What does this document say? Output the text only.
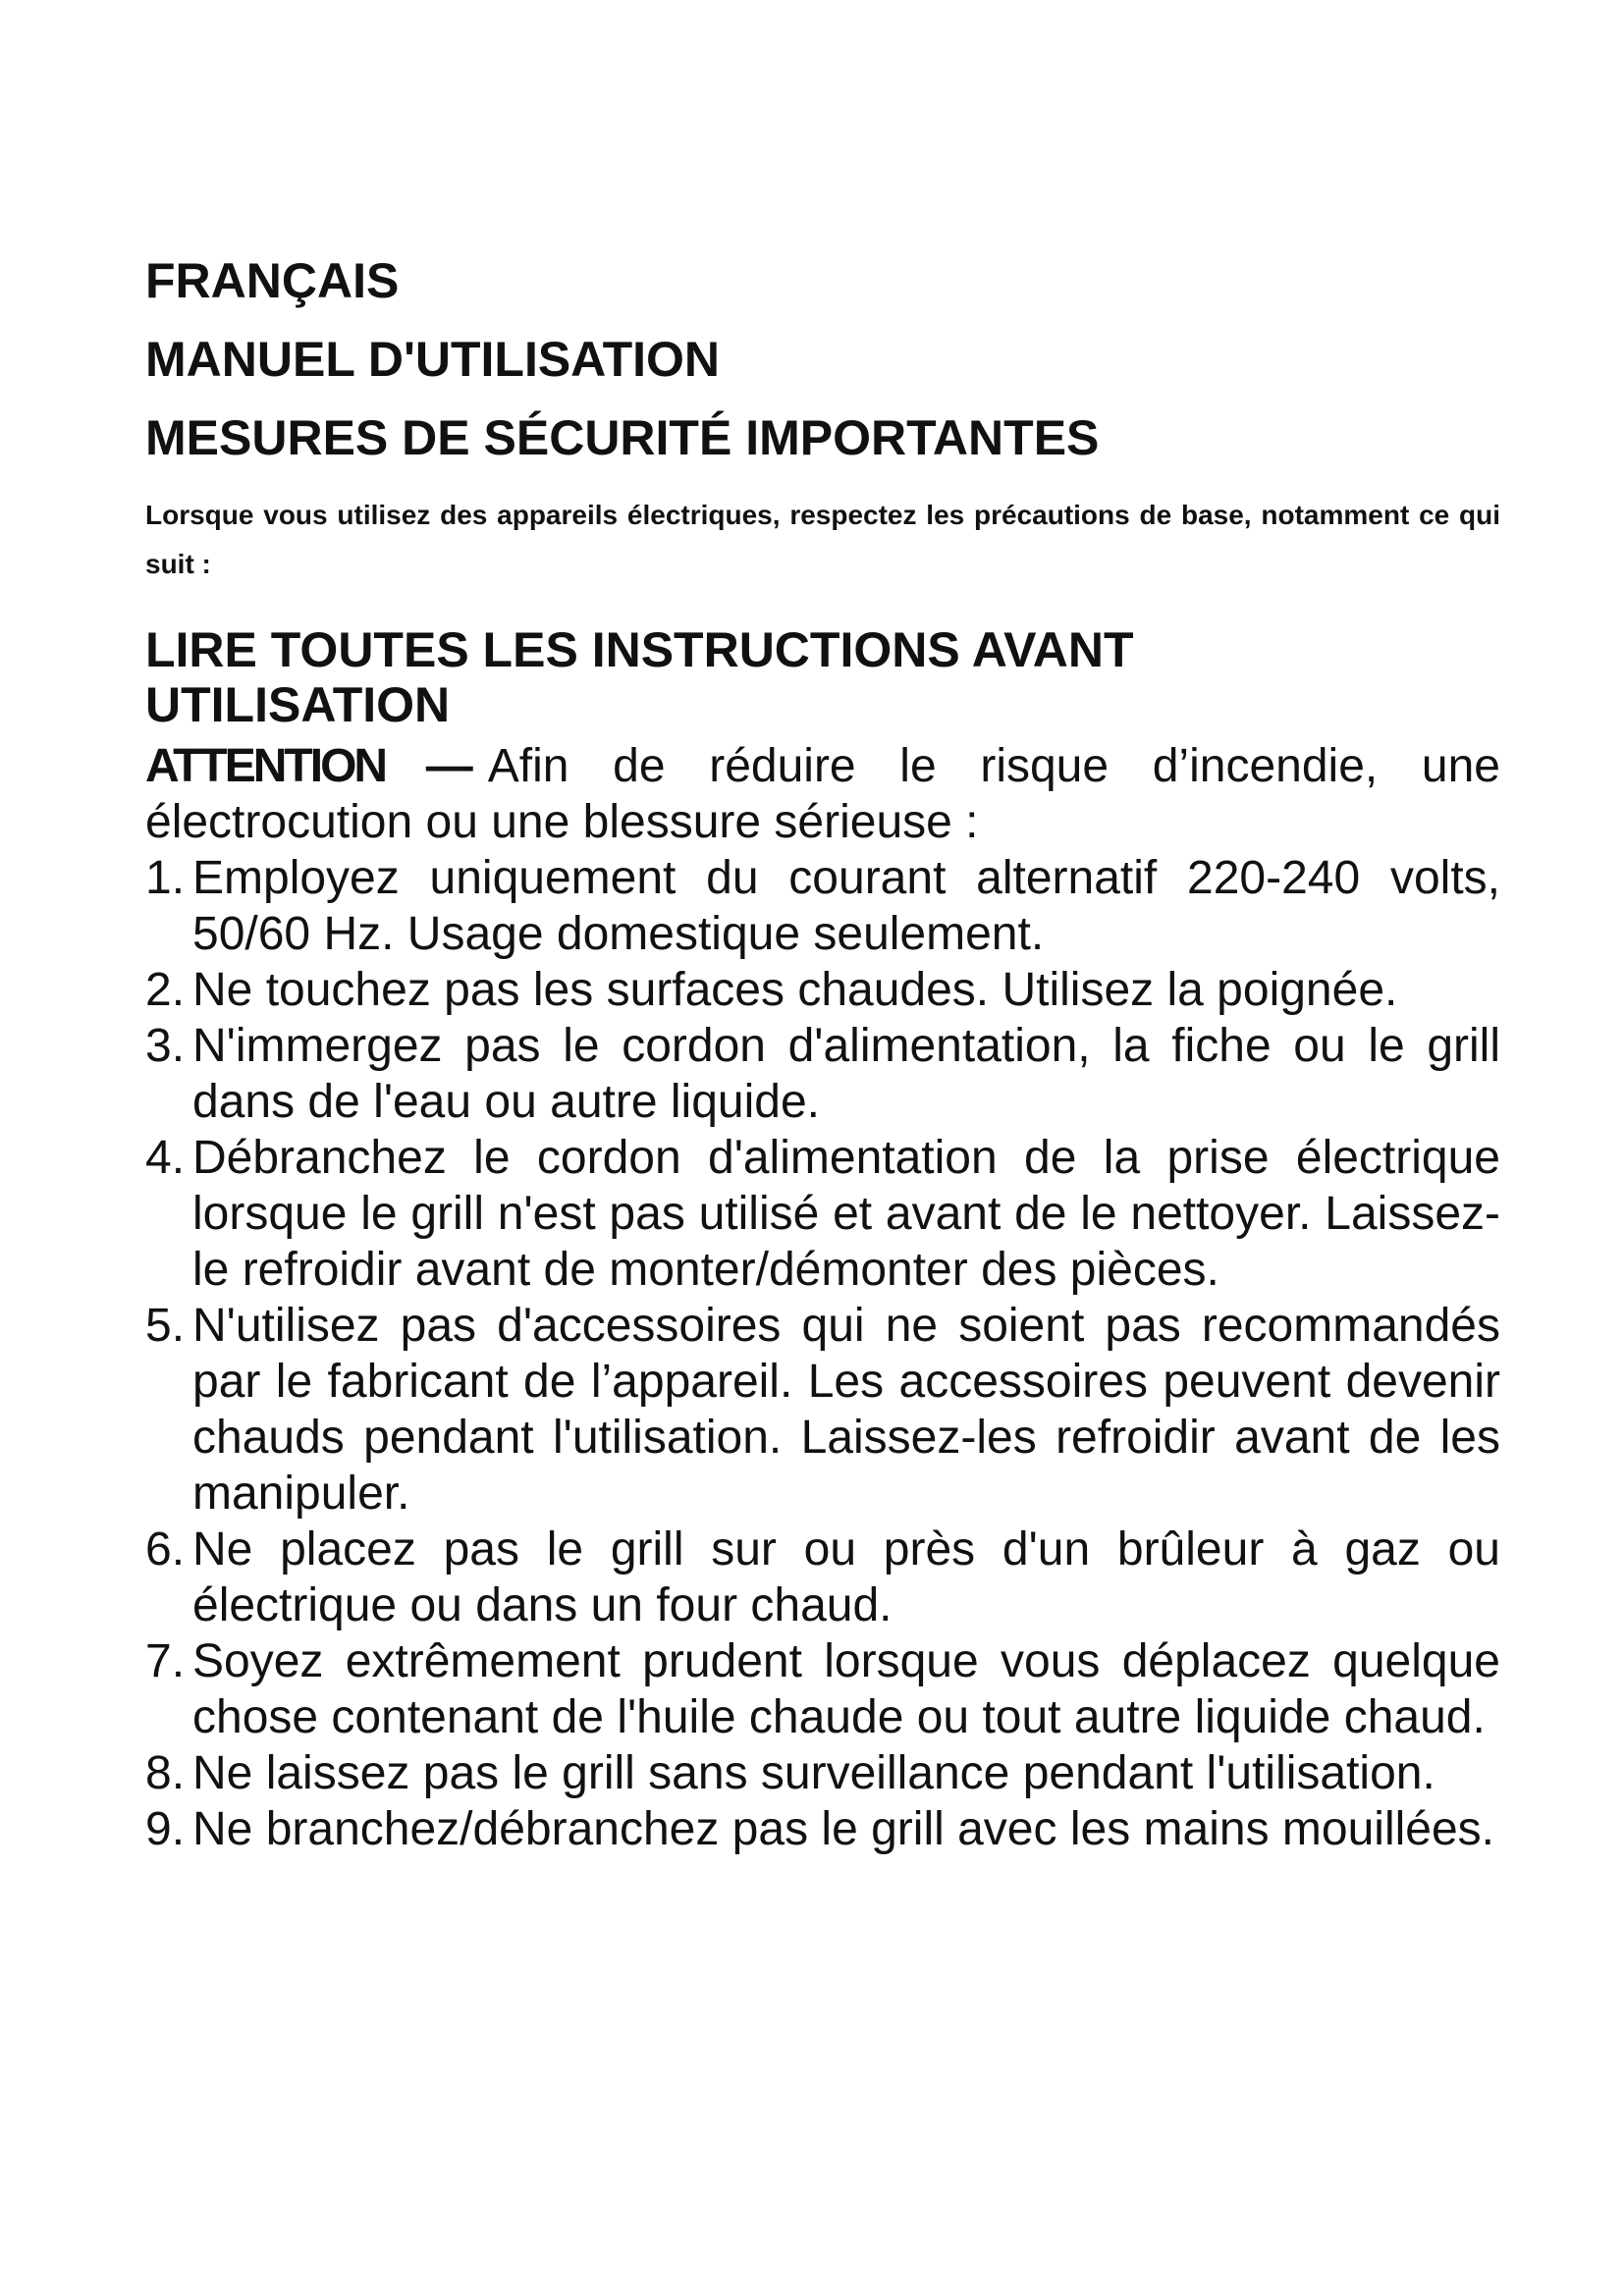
FRANÇAIS
MANUEL D'UTILISATION
MESURES DE SÉCURITÉ IMPORTANTES

Lorsque vous utilisez des appareils électriques, respectez les précautions de base, notamment ce qui suit :

LIRE TOUTES LES INSTRUCTIONS AVANT UTILISATION

ATTENTION — Afin de réduire le risque d’incendie, une électrocution ou une blessure sérieuse :

1. Employez uniquement du courant alternatif 220-240 volts, 50/60 Hz. Usage domestique seulement.
2. Ne touchez pas les surfaces chaudes. Utilisez la poignée.
3. N'immergez pas le cordon d'alimentation, la fiche ou le grill dans de l'eau ou autre liquide.
4. Débranchez le cordon d'alimentation de la prise électrique lorsque le grill n'est pas utilisé et avant de le nettoyer. Laissez-le refroidir avant de monter/démonter des pièces.
5. N'utilisez pas d'accessoires qui ne soient pas recommandés par le fabricant de l’appareil. Les accessoires peuvent devenir chauds pendant l'utilisation. Laissez-les refroidir avant de les manipuler.
6. Ne placez pas le grill sur ou près d'un brûleur à gaz ou électrique ou dans un four chaud.
7. Soyez extrêmement prudent lorsque vous déplacez quelque chose contenant de l'huile chaude ou tout autre liquide chaud.
8. Ne laissez pas le grill sans surveillance pendant l'utilisation.
9. Ne branchez/débranchez pas le grill avec les mains mouillées.
